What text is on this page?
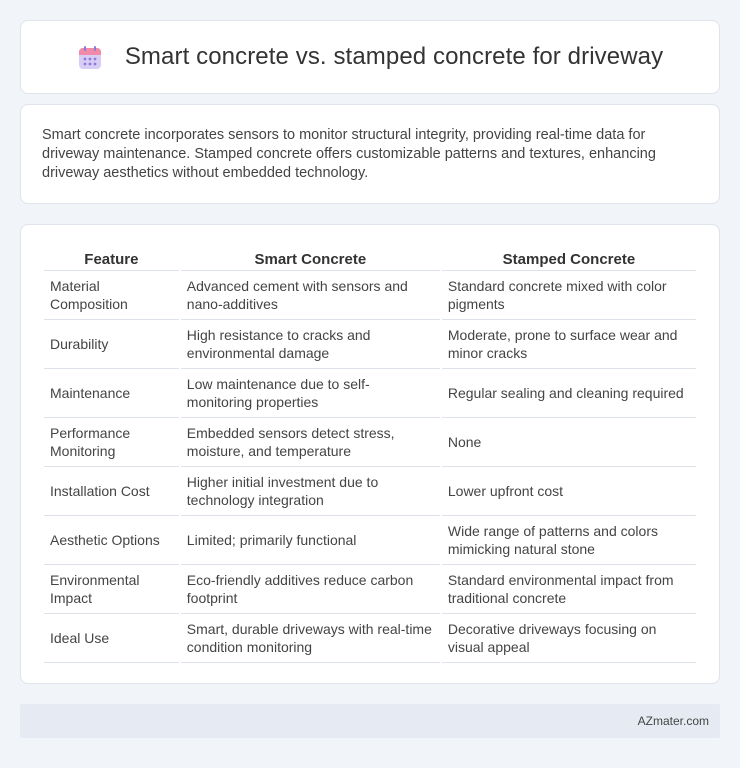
Smart concrete vs. stamped concrete for driveway

Smart concrete incorporates sensors to monitor structural integrity, providing real-time data for driveway maintenance. Stamped concrete offers customizable patterns and textures, enhancing driveway aesthetics without embedded technology.

Feature	Smart Concrete	Stamped Concrete
Material Composition	Advanced cement with sensors and nano-additives	Standard concrete mixed with color pigments
Durability	High resistance to cracks and environmental damage	Moderate, prone to surface wear and minor cracks
Maintenance	Low maintenance due to self-monitoring properties	Regular sealing and cleaning required
Performance Monitoring	Embedded sensors detect stress, moisture, and temperature	None
Installation Cost	Higher initial investment due to technology integration	Lower upfront cost
Aesthetic Options	Limited; primarily functional	Wide range of patterns and colors mimicking natural stone
Environmental Impact	Eco-friendly additives reduce carbon footprint	Standard environmental impact from traditional concrete
Ideal Use	Smart, durable driveways with real-time condition monitoring	Decorative driveways focusing on visual appeal
AZmater.com
